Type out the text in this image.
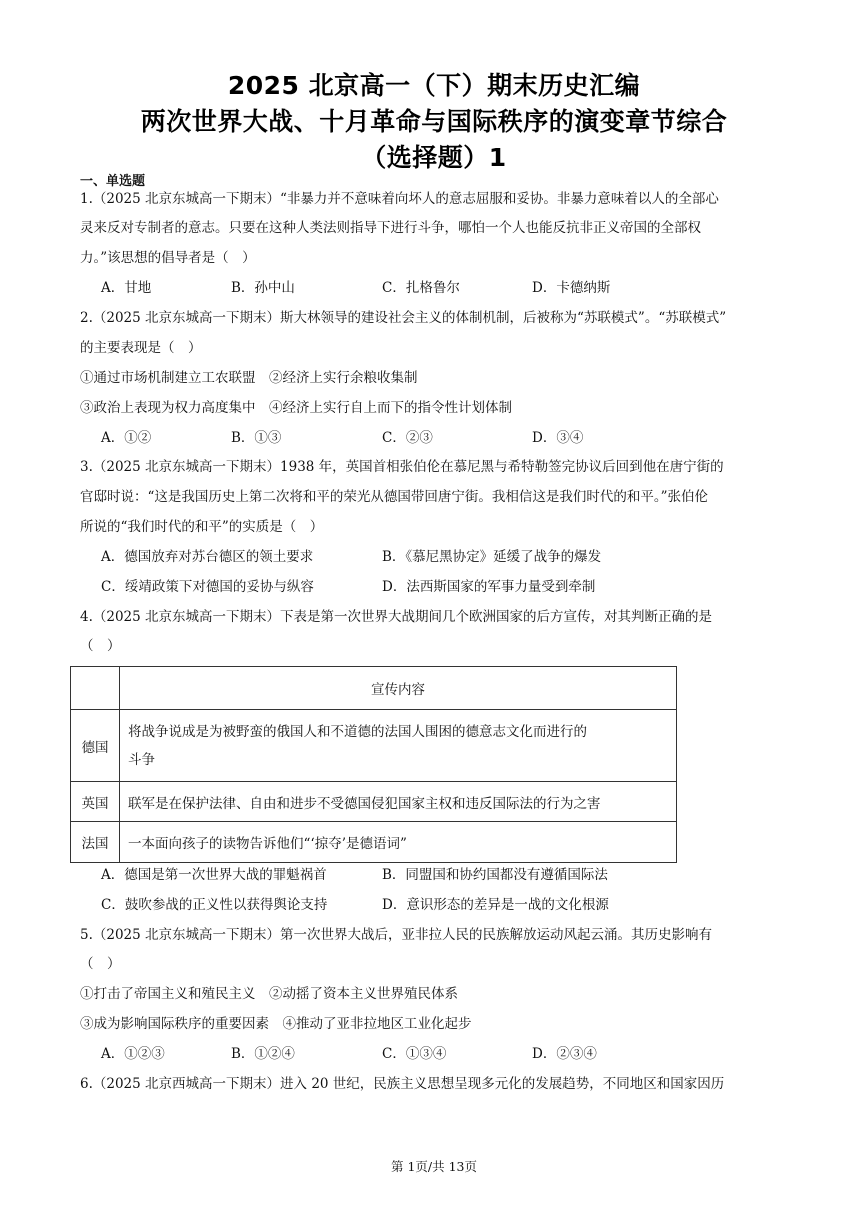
2025 北京高一（下）期末历史汇编
两次世界大战、十月革命与国际秩序的演变章节综合
（选择题）1
一、单选题
1.（2025 北京东城高一下期末）“非暴力并不意味着向坏人的意志屈服和妥协。非暴力意味着以人的全部心
灵来反对专制者的意志。只要在这种人类法则指导下进行斗争，哪怕一个人也能反抗非正义帝国的全部权
力。”该思想的倡导者是（　）
A．甘地	B．孙中山	C．扎格鲁尔	D．卡德纳斯
2.（2025 北京东城高一下期末）斯大林领导的建设社会主义的体制机制，后被称为“苏联模式”。“苏联模式”
的主要表现是（　）
①通过市场机制建立工农联盟　②经济上实行余粮收集制
③政治上表现为权力高度集中　④经济上实行自上而下的指令性计划体制
A．①②	B．①③	C．②③	D．③④
3.（2025 北京东城高一下期末）1938 年，英国首相张伯伦在慕尼黑与希特勒签完协议后回到他在唐宁街的
官邸时说：“这是我国历史上第二次将和平的荣光从德国带回唐宁街。我相信这是我们时代的和平。”张伯伦
所说的“我们时代的和平”的实质是（　）
A．德国放弃对苏台德区的领土要求	B．《慕尼黑协定》延缓了战争的爆发
C．绥靖政策下对德国的妥协与纵容	D．法西斯国家的军事力量受到牵制
4.（2025 北京东城高一下期末）下表是第一次世界大战期间几个欧洲国家的后方宣传，对其判断正确的是
（　）
	宣传内容
德国	将战争说成是为被野蛮的俄国人和不道德的法国人围困的德意志文化而进行的
斗争

英国	联军是在保护法律、自由和进步不受德国侵犯国家主权和违反国际法的行为之害
法国	一本面向孩子的读物告诉他们“‘掠夺’是德语词”
A．德国是第一次世界大战的罪魁祸首	B．同盟国和协约国都没有遵循国际法
C．鼓吹参战的正义性以获得舆论支持	D．意识形态的差异是一战的文化根源
5.（2025 北京东城高一下期末）第一次世界大战后，亚非拉人民的民族解放运动风起云涌。其历史影响有
（　）
①打击了帝国主义和殖民主义　②动摇了资本主义世界殖民体系
③成为影响国际秩序的重要因素　④推动了亚非拉地区工业化起步
A．①②③	B．①②④	C．①③④	D．②③④
6.（2025 北京西城高一下期末）进入 20 世纪，民族主义思想呈现多元化的发展趋势，不同地区和国家因历
第 1页/共 13页
